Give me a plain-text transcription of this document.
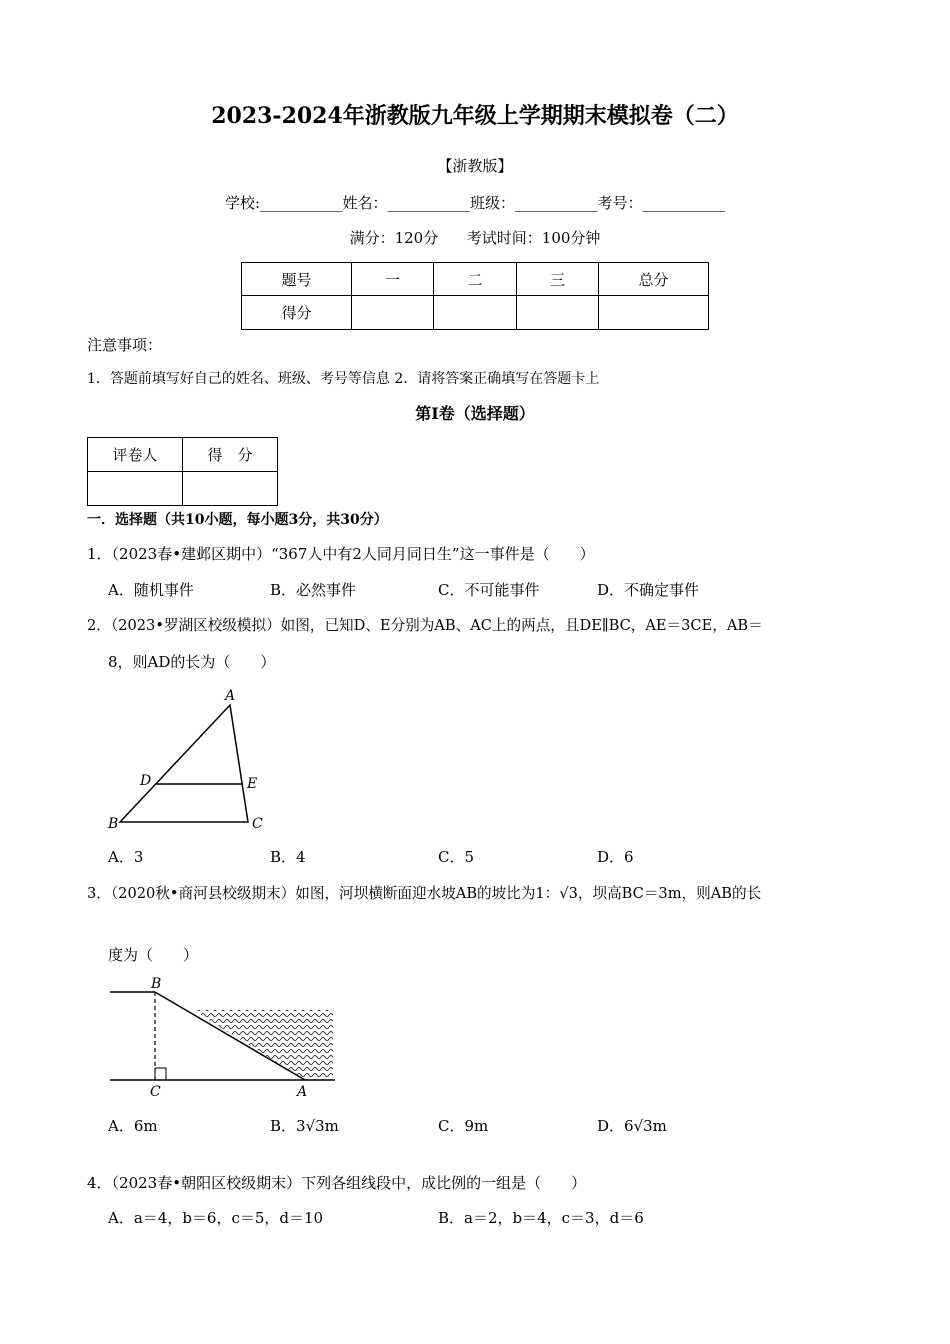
2023-2024年浙教版九年级上学期期末模拟卷（二）
【浙教版】
学校:___________姓名：___________班级：___________考号：___________
满分：120分      考试时间：100分钟
题号	一	二	三	总分
得分				
注意事项：
1．答题前填写好自己的姓名、班级、考号等信息 2．请将答案正确填写在答题卡上
第Ⅰ卷（选择题）
评卷人	得　分

一．选择题（共10小题，每小题3分，共30分）
1．（2023春•建邺区期中）“367人中有2人同月同日生”这一事件是（　　）
A．随机事件	B．必然事件	C．不可能事件	D．不确定事件
2．（2023•罗湖区校级模拟）如图，已知D、E分别为AB、AC上的两点，且DE∥BC，AE＝3CE，AB＝
8，则AD的长为（　　）
A
D	E
B	C
A．3	B．4	C．5	D．6
3．（2020秋•商河县校级期末）如图，河坝横断面迎水坡AB的坡比为1：√3，坝高BC＝3m，则AB的长
度为（　　）
B
C	A
A．6m	B．3√3m	C．9m	D．6√3m
4．（2023春•朝阳区校级期末）下列各组线段中，成比例的一组是（　　）
A．a＝4，b＝6，c＝5，d＝10	B．a＝2，b＝4，c＝3，d＝6
